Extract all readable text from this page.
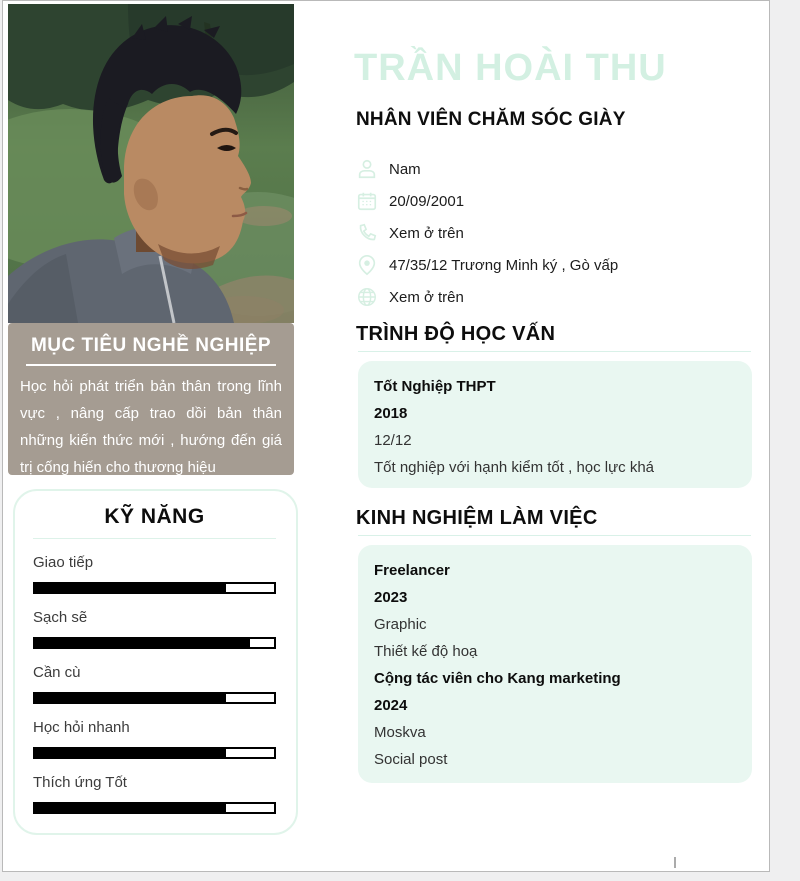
MỤC TIÊU NGHỀ NGHIỆP

Học hỏi phát triển bản thân trong lĩnh vực , nâng cấp trao dồi bản thân những kiến thức mới , hướng đến giá trị cống hiến cho thương hiệu

KỸ NĂNG
Giao tiếp
Sạch sẽ
Cần cù
Học hỏi nhanh
Thích ứng Tốt
TRẦN HOÀI THU
NHÂN VIÊN CHĂM SÓC GIÀY
Nam
20/09/2001
Xem ở trên
47/35/12 Trương Minh ký , Gò vấp
Xem ở trên
TRÌNH ĐỘ HỌC VẤN
Tốt Nghiệp THPT
2018
12/12
Tốt nghiệp với hạnh kiểm tốt , học lực khá
KINH NGHIỆM LÀM VIỆC
Freelancer
2023
Graphic
Thiết kế độ hoạ
Cộng tác viên cho Kang marketing
2024
Moskva
Social post
